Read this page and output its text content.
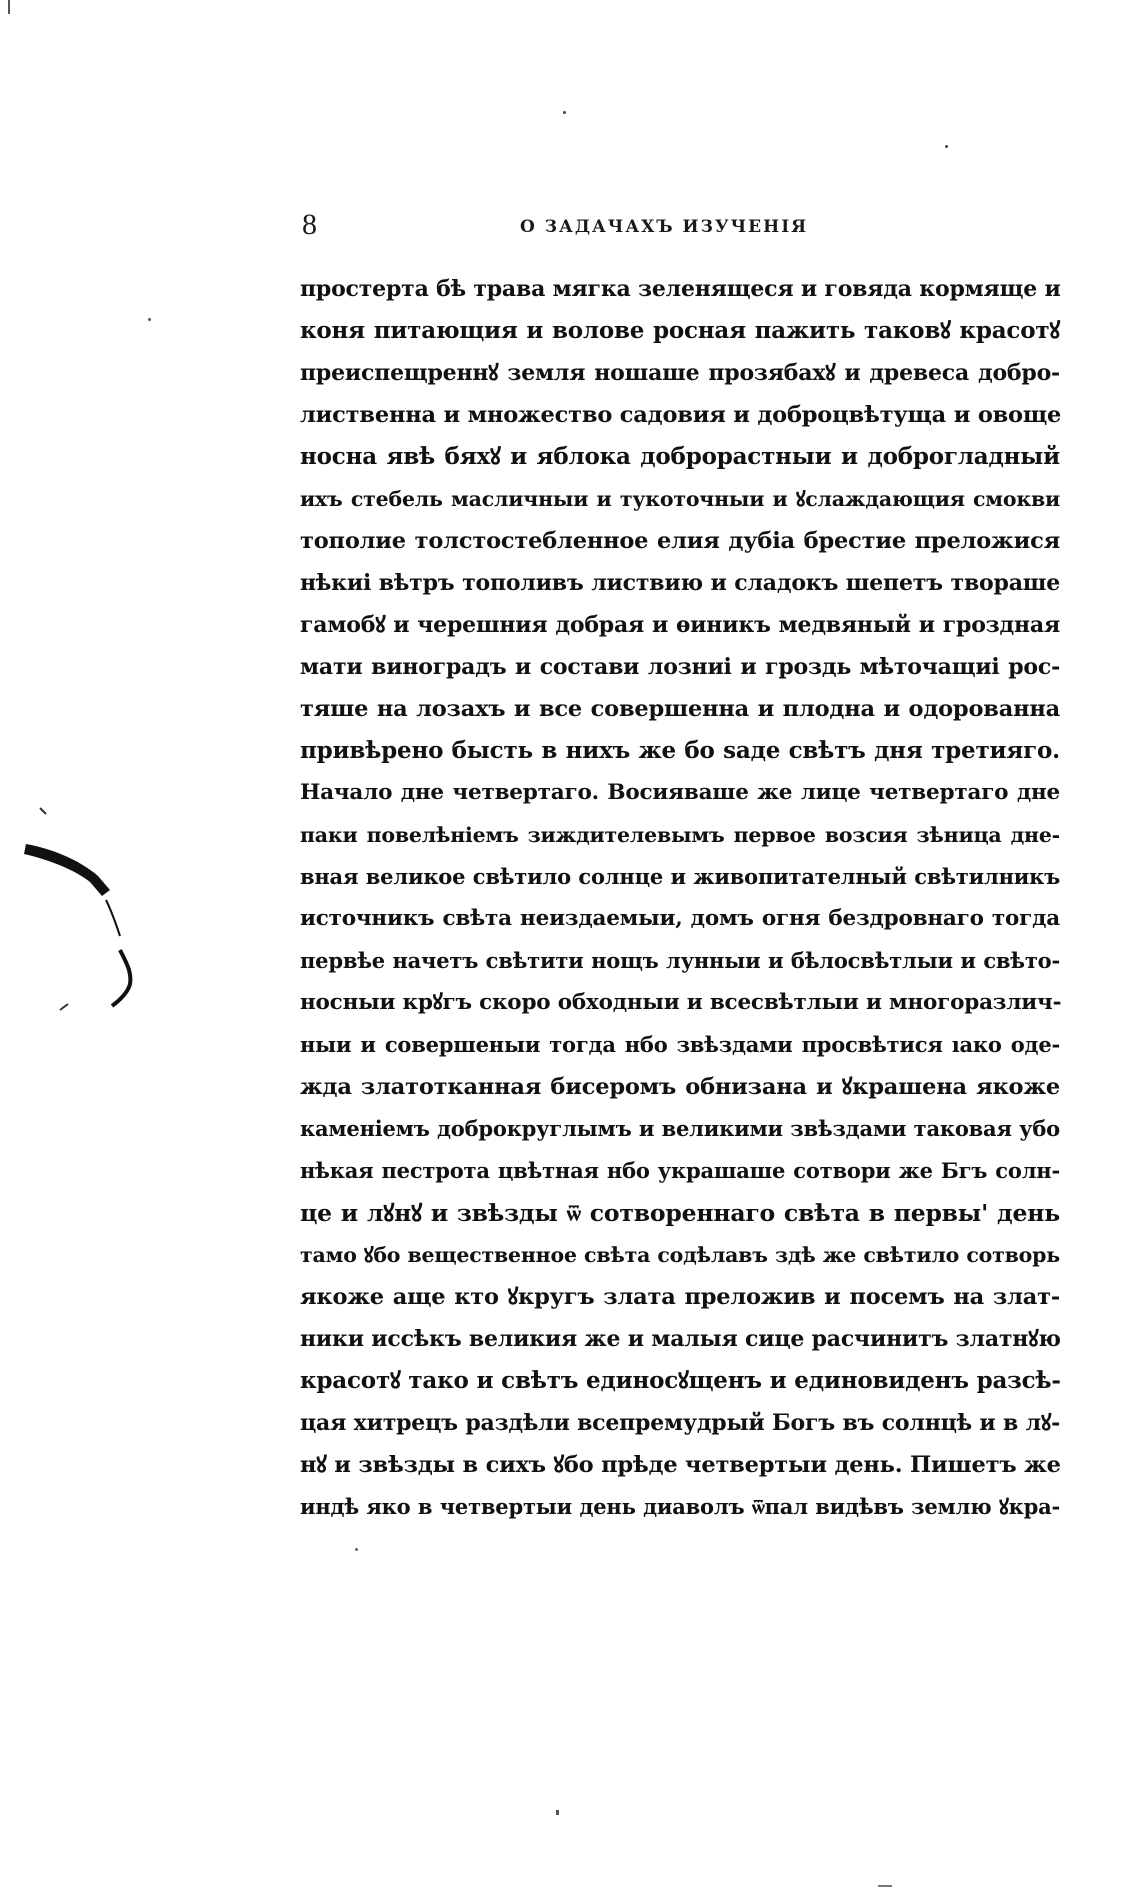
8	О ЗАДАЧАХЪ ИЗУЧЕНІЯ
простерта бѣ трава мягка зеленящеся и говяда кормяще и
коня питающия и волове росная пажить таковꙋ красотꙋ
преиспещреннꙋ земля ношаше прозябахꙋ и древеса добро-
лиственна и множество садовия и доброцвѣтуща и овоще
носна явѣ бяхꙋ и яблока доброрастныи и доброгладный
ихъ стебель масличныи и тукоточныи и ꙋслаждающия смокви
тополие толстостебленное елия дубіа брестие преложися
нѣкиі вѣтръ тополивъ листвию и сладокъ шепетъ твораше
гамобꙋ и черешния добрая и ѳиникъ медвяный и гроздная
мати виноградъ и состави лозниі и гроздь мѣточащиі рос-
тяше на лозахъ и все совершенна и плодна и одорованна
привѣрено бысть в нихъ же бо ѕаде свѣтъ дня третияго.
Начало дне четвертаго. Восияваше же лице четвертаго дне
паки повелѣніемъ зиждителевымъ первое возсия зѣница дне-
вная великое свѣтило солнце и живопитателный свѣтилникъ
источникъ свѣта неиздаемыи, домъ огня бездровнаго тогда
первѣе начетъ свѣтити нощъ лунныи и бѣлосвѣтлыи и свѣто-
носныи крꙋгъ скоро обходныи и всесвѣтлыи и многоразлич-
ныи и совершеныи тогда нбо звѣздами просвѣтися ıако оде-
жда златотканная бисеромъ обнизана и ꙋкрашена якоже
каменіемъ доброкруглымъ и великими звѣздами таковая убо
нѣкая пестрота цвѣтная нбо украшаше сотвори же Бгъ солн-
це и лꙋнꙋ и звѣзды ѿ сотвореннаго свѣта в первы' день
тамо ꙋбо вещественное свѣта содѣлавъ здѣ же свѣтило сотворь
якоже аще кто ꙋкругъ злата преложив и посемъ на злат-
ники иссѣкъ великия же и малыя сице расчинитъ златнꙋю
красотꙋ тако и свѣтъ единосꙋщенъ и единовиденъ разсѣ-
цая хитрецъ раздѣли всепремудрый Богъ въ солнцѣ и в лꙋ-
нꙋ и звѣзды в сихъ ꙋбо прѣде четвертыи день. Пишетъ же
индѣ яко в четвертыи день диаволъ ѿпал видѣвъ землю ꙋкра-
